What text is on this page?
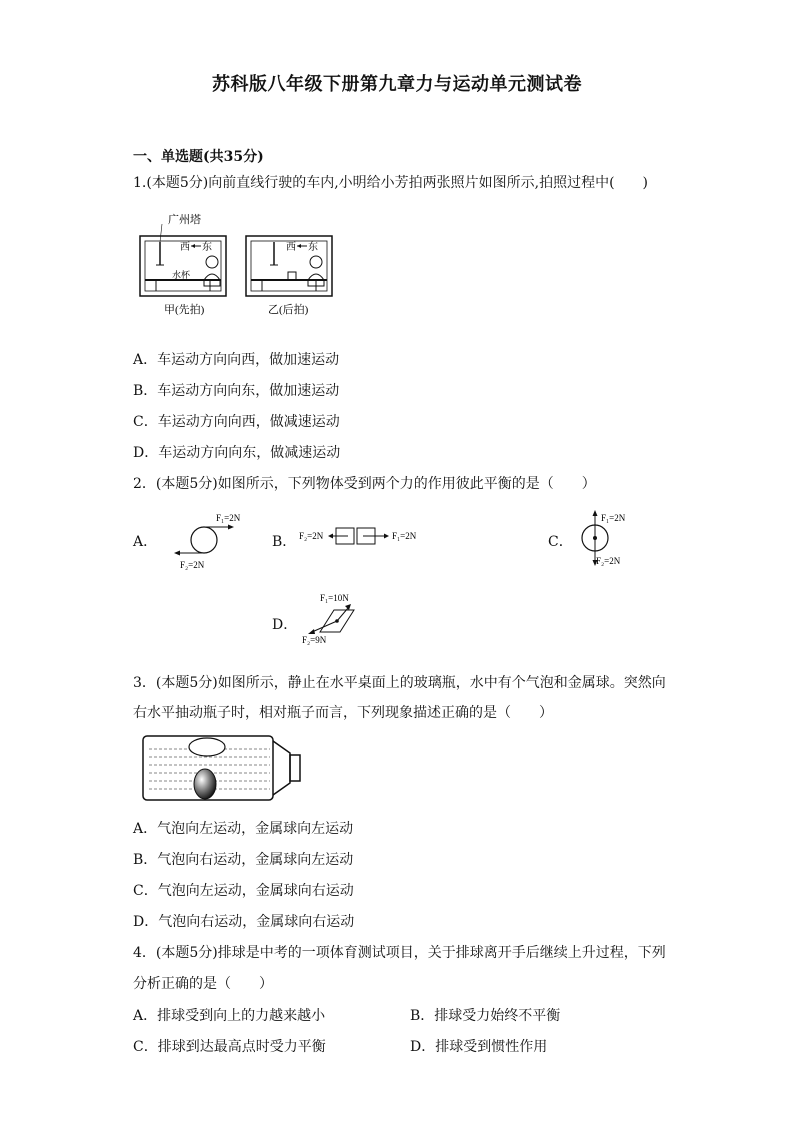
苏科版八年级下册第九章力与运动单元测试卷
一、单选题(共35分)
1.(本题5分)向前直线行驶的车内,小明给小芳拍两张照片如图所示,拍照过程中(　　)
广州塔
西 东
水杯
西 东
甲(先拍)	乙(后拍)
A．车运动方向向西，做加速运动
B．车运动方向向东，做加速运动
C．车运动方向向西，做减速运动
D．车运动方向向东，做减速运动
2．(本题5分)如图所示，下列物体受到两个力的作用彼此平衡的是（　　）
A．
F₁=2N
F₂=2N
B． F₂=2N	F₁=2N	C．
F₁=2N
F₂=2N
D．
F₁=10N
F₂=9N
3．(本题5分)如图所示，静止在水平桌面上的玻璃瓶，水中有个气泡和金属球。突然向
右水平抽动瓶子时，相对瓶子而言，下列现象描述正确的是（　　）
A．气泡向左运动，金属球向左运动
B．气泡向右运动，金属球向左运动
C．气泡向左运动，金属球向右运动
D．气泡向右运动，金属球向右运动
4．(本题5分)排球是中考的一项体育测试项目，关于排球离开手后继续上升过程，下列
分析正确的是（　　）
A．排球受到向上的力越来越小	B．排球受力始终不平衡
C．排球到达最高点时受力平衡	D．排球受到惯性作用
